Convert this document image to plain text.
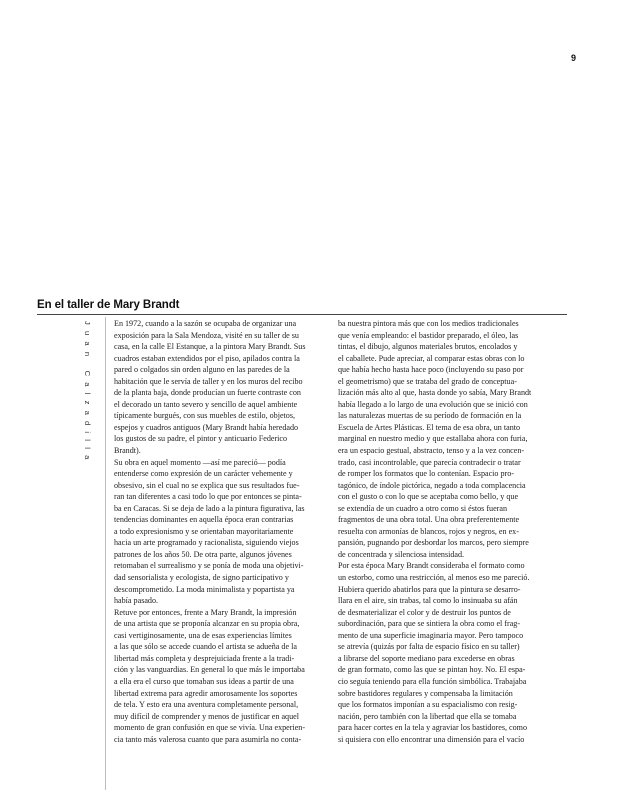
9
En el taller de Mary Brandt
Juan Calzadilla	En 1972, cuando a la sazón se ocupaba de organizar una
exposición para la Sala Mendoza, visité en su taller de su
casa, en la calle El Estanque, a la pintora Mary Brandt. Sus
cuadros estaban extendidos por el piso, apilados contra la
pared o colgados sin orden alguno en las paredes de la
habitación que le servía de taller y en los muros del recibo
de la planta baja, donde producían un fuerte contraste con
el decorado un tanto severo y sencillo de aquel ambiente
típicamente burgués, con sus muebles de estilo, objetos,
espejos y cuadros antiguos (Mary Brandt había heredado
los gustos de su padre, el pintor y anticuario Federico
Brandt).
Su obra en aquel momento —así me pareció— podía
entenderse como expresión de un carácter vehemente y
obsesivo, sin el cual no se explica que sus resultados fue-
ran tan diferentes a casi todo lo que por entonces se pinta-
ba en Caracas. Si se deja de lado a la pintura figurativa, las
tendencias dominantes en aquella época eran contrarias
a todo expresionismo y se orientaban mayoritariamente
hacia un arte programado y racionalista, siguiendo viejos
patrones de los años 50. De otra parte, algunos jóvenes
retomaban el surrealismo y se ponía de moda una objetivi-
dad sensorialista y ecologista, de signo participativo y
descomprometido. La moda minimalista y popartista ya
había pasado.
Retuve por entonces, frente a Mary Brandt, la impresión
de una artista que se proponía alcanzar en su propia obra,
casi vertiginosamente, una de esas experiencias límites
a las que sólo se accede cuando el artista se adueña de la
libertad más completa y desprejuiciada frente a la tradi-
ción y las vanguardias. En general lo que más le importaba
a ella era el curso que tomaban sus ideas a partir de una
libertad extrema para agredir amorosamente los soportes
de tela. Y esto era una aventura completamente personal,
muy difícil de comprender y menos de justificar en aquel
momento de gran confusión en que se vivía. Una experien-
cia tanto más valerosa cuanto que para asumirla no conta-
ba nuestra pintora más que con los medios tradicionales
que venía empleando: el bastidor preparado, el óleo, las
tintas, el dibujo, algunos materiales brutos, encolados y
el caballete. Pude apreciar, al comparar estas obras con lo
que había hecho hasta hace poco (incluyendo su paso por
el geometrismo) que se trataba del grado de conceptua-
lización más alto al que, hasta donde yo sabía, Mary Brandt
había llegado a lo largo de una evolución que se inició con
las naturalezas muertas de su período de formación en la
Escuela de Artes Plásticas. El tema de esa obra, un tanto
marginal en nuestro medio y que estallaba ahora con furia,
era un espacio gestual, abstracto, tenso y a la vez concen-
trado, casi incontrolable, que parecía contradecir o tratar
de romper los formatos que lo contenían. Espacio pro-
tagónico, de índole pictórica, negado a toda complacencia
con el gusto o con lo que se aceptaba como bello, y que
se extendía de un cuadro a otro como si éstos fueran
fragmentos de una obra total. Una obra preferentemente
resuelta con armonías de blancos, rojos y negros, en ex-
pansión, pugnando por desbordar los marcos, pero siempre
de concentrada y silenciosa intensidad.
Por esta época Mary Brandt consideraba el formato como
un estorbo, como una restricción, al menos eso me pareció.
Hubiera querido abatirlos para que la pintura se desarro-
llara en el aire, sin trabas, tal como lo insinuaba su afán
de desmaterializar el color y de destruir los puntos de
subordinación, para que se sintiera la obra como el frag-
mento de una superficie imaginaria mayor. Pero tampoco
se atrevía (quizás por falta de espacio físico en su taller)
a librarse del soporte mediano para excederse en obras
de gran formato, como las que se pintan hoy. No. El espa-
cio seguía teniendo para ella función simbólica. Trabajaba
sobre bastidores regulares y compensaba la limitación
que los formatos imponían a su espacialismo con resig-
nación, pero también con la libertad que ella se tomaba
para hacer cortes en la tela y agraviar los bastidores, como
si quisiera con ello encontrar una dimensión para el vacío
